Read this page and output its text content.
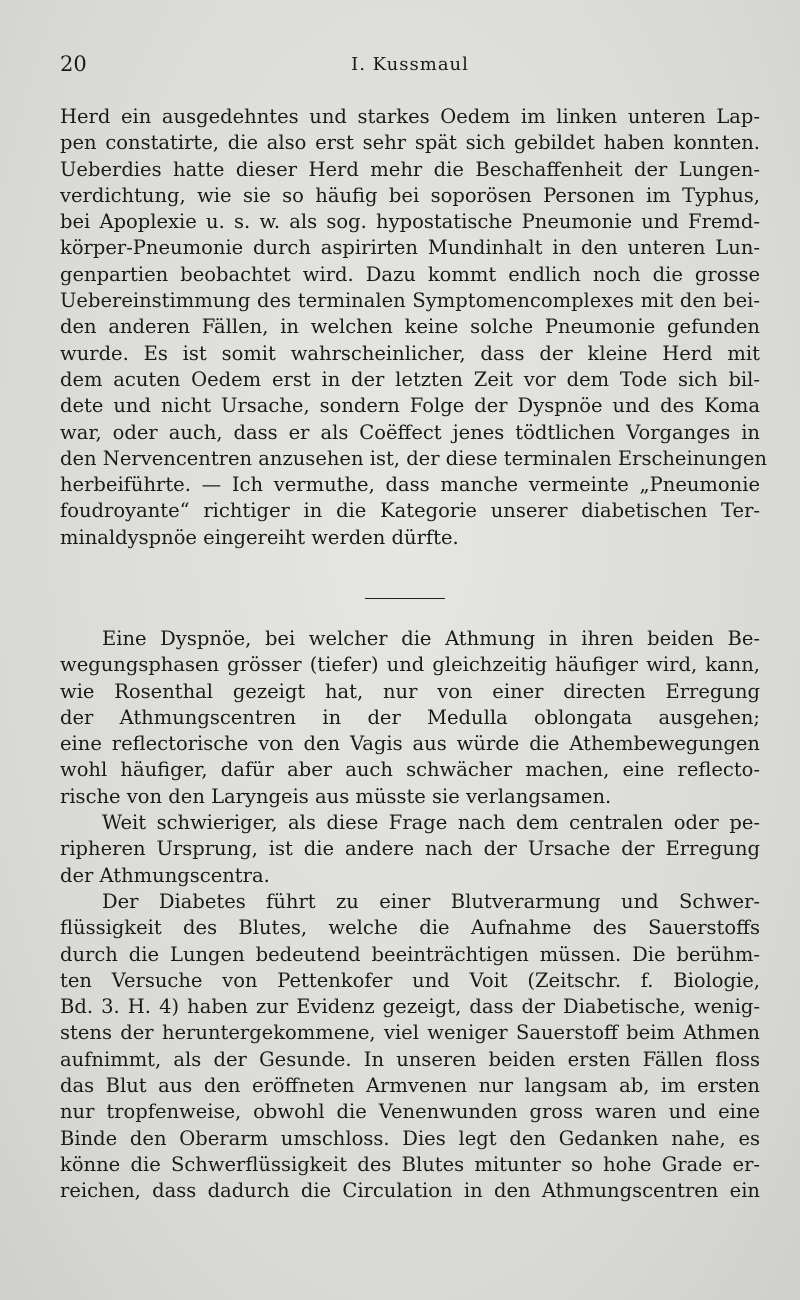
20	I. Kussmaul
Herd ein ausgedehntes und starkes Oedem im linken unteren Lap-
pen constatirte, die also erst sehr spät sich gebildet haben konnten.
Ueberdies hatte dieser Herd mehr die Beschaffenheit der Lungen-
verdichtung, wie sie so häufig bei soporösen Personen im Typhus,
bei Apoplexie u. s. w. als sog. hypostatische Pneumonie und Fremd-
körper-Pneumonie durch aspirirten Mundinhalt in den unteren Lun-
genpartien beobachtet wird. Dazu kommt endlich noch die grosse
Uebereinstimmung des terminalen Symptomencomplexes mit den bei-
den anderen Fällen, in welchen keine solche Pneumonie gefunden
wurde. Es ist somit wahrscheinlicher, dass der kleine Herd mit
dem acuten Oedem erst in der letzten Zeit vor dem Tode sich bil-
dete und nicht Ursache, sondern Folge der Dyspnöe und des Koma
war, oder auch, dass er als Coëffect jenes tödtlichen Vorganges in
den Nervencentren anzusehen ist, der diese terminalen Erscheinungen
herbeiführte. — Ich vermuthe, dass manche vermeinte „Pneumonie
foudroyante“ richtiger in die Kategorie unserer diabetischen Ter-
minaldyspnöe eingereiht werden dürfte.
Eine Dyspnöe, bei welcher die Athmung in ihren beiden Be-
wegungsphasen grösser (tiefer) und gleichzeitig häufiger wird, kann,
wie Rosenthal gezeigt hat, nur von einer directen Erregung
der Athmungscentren in der Medulla oblongata ausgehen;
eine reflectorische von den Vagis aus würde die Athembewegungen
wohl häufiger, dafür aber auch schwächer machen, eine reflecto-
rische von den Laryngeis aus müsste sie verlangsamen.
Weit schwieriger, als diese Frage nach dem centralen oder pe-
ripheren Ursprung, ist die andere nach der Ursache der Erregung
der Athmungscentra.
Der Diabetes führt zu einer Blutverarmung und Schwer-
flüssigkeit des Blutes, welche die Aufnahme des Sauerstoffs
durch die Lungen bedeutend beeinträchtigen müssen. Die berühm-
ten Versuche von Pettenkofer und Voit (Zeitschr. f. Biologie,
Bd. 3. H. 4) haben zur Evidenz gezeigt, dass der Diabetische, wenig-
stens der heruntergekommene, viel weniger Sauerstoff beim Athmen
aufnimmt, als der Gesunde. In unseren beiden ersten Fällen floss
das Blut aus den eröffneten Armvenen nur langsam ab, im ersten
nur tropfenweise, obwohl die Venenwunden gross waren und eine
Binde den Oberarm umschloss. Dies legt den Gedanken nahe, es
könne die Schwerflüssigkeit des Blutes mitunter so hohe Grade er-
reichen, dass dadurch die Circulation in den Athmungscentren ein
